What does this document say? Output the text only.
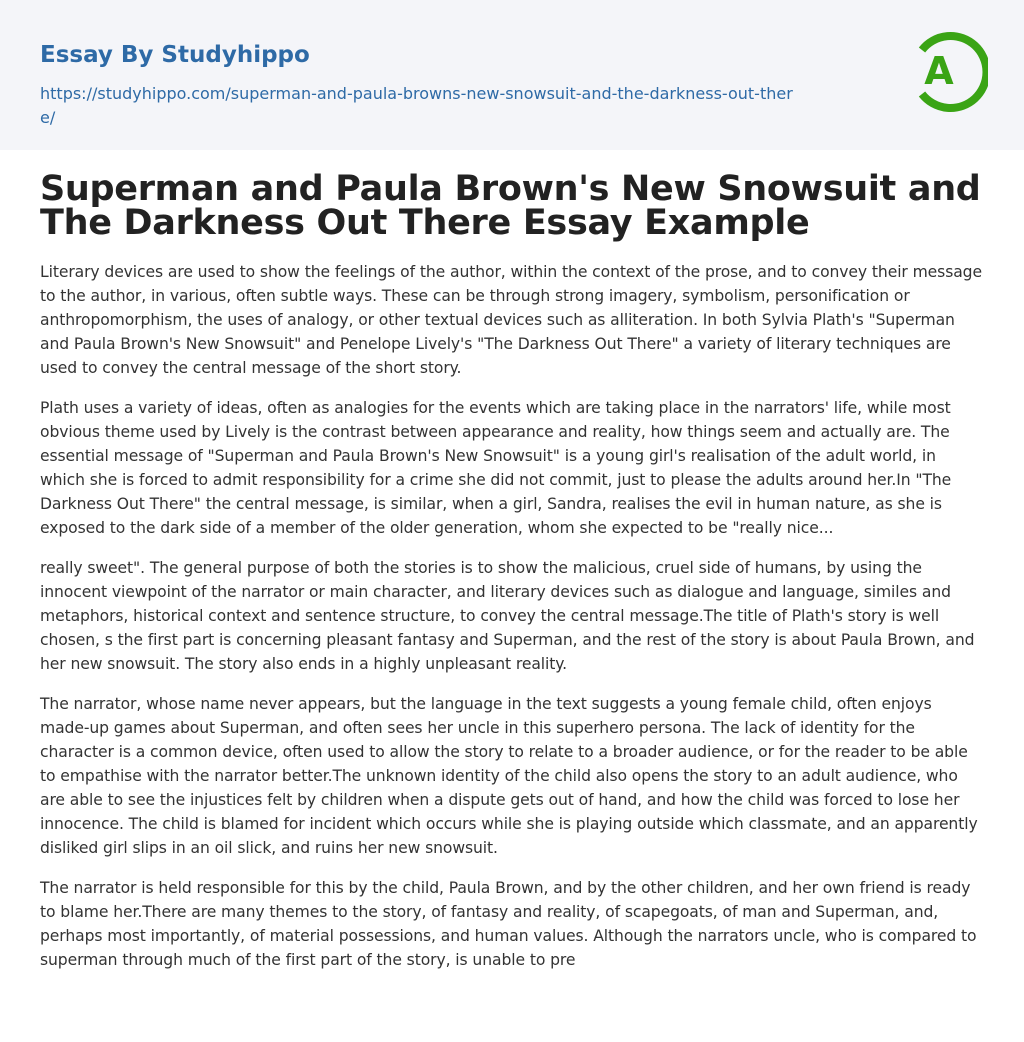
Essay By Studyhippo
https://studyhippo.com/superman-and-paula-browns-new-snowsuit-and-the-darkness-out-there/
A
Superman and Paula Brown's New Snowsuit and The Darkness Out There Essay Example

Literary devices are used to show the feelings of the author, within the context of the prose, and to convey their message to the author, in various, often subtle ways. These can be through strong imagery, symbolism, personification or anthropomorphism, the uses of analogy, or other textual devices such as alliteration. In both Sylvia Plath's "Superman and Paula Brown's New Snowsuit" and Penelope Lively's "The Darkness Out There" a variety of literary techniques are used to convey the central message of the short story.

Plath uses a variety of ideas, often as analogies for the events which are taking place in the narrators' life, while most obvious theme used by Lively is the contrast between appearance and reality, how things seem and actually are. The essential message of "Superman and Paula Brown's New Snowsuit" is a young girl's realisation of the adult world, in which she is forced to admit responsibility for a crime she did not commit, just to please the adults around her.In "The Darkness Out There" the central message, is similar, when a girl, Sandra, realises the evil in human nature, as she is exposed to the dark side of a member of the older generation, whom she expected to be "really nice...

really sweet". The general purpose of both the stories is to show the malicious, cruel side of humans, by using the innocent viewpoint of the narrator or main character, and literary devices such as dialogue and language, similes and metaphors, historical context and sentence structure, to convey the central message.The title of Plath's story is well chosen, s the first part is concerning pleasant fantasy and Superman, and the rest of the story is about Paula Brown, and her new snowsuit. The story also ends in a highly unpleasant reality.

The narrator, whose name never appears, but the language in the text suggests a young female child, often enjoys made-up games about Superman, and often sees her uncle in this superhero persona. The lack of identity for the character is a common device, often used to allow the story to relate to a broader audience, or for the reader to be able to empathise with the narrator better.The unknown identity of the child also opens the story to an adult audience, who are able to see the injustices felt by children when a dispute gets out of hand, and how the child was forced to lose her innocence. The child is blamed for incident which occurs while she is playing outside which classmate, and an apparently disliked girl slips in an oil slick, and ruins her new snowsuit.

The narrator is held responsible for this by the child, Paula Brown, and by the other children, and her own friend is ready to blame her.There are many themes to the story, of fantasy and reality, of scapegoats, of man and Superman, and, perhaps most importantly, of material possessions, and human values. Although the narrators uncle, who is compared to superman through much of the first part of the story, is unable to pre
